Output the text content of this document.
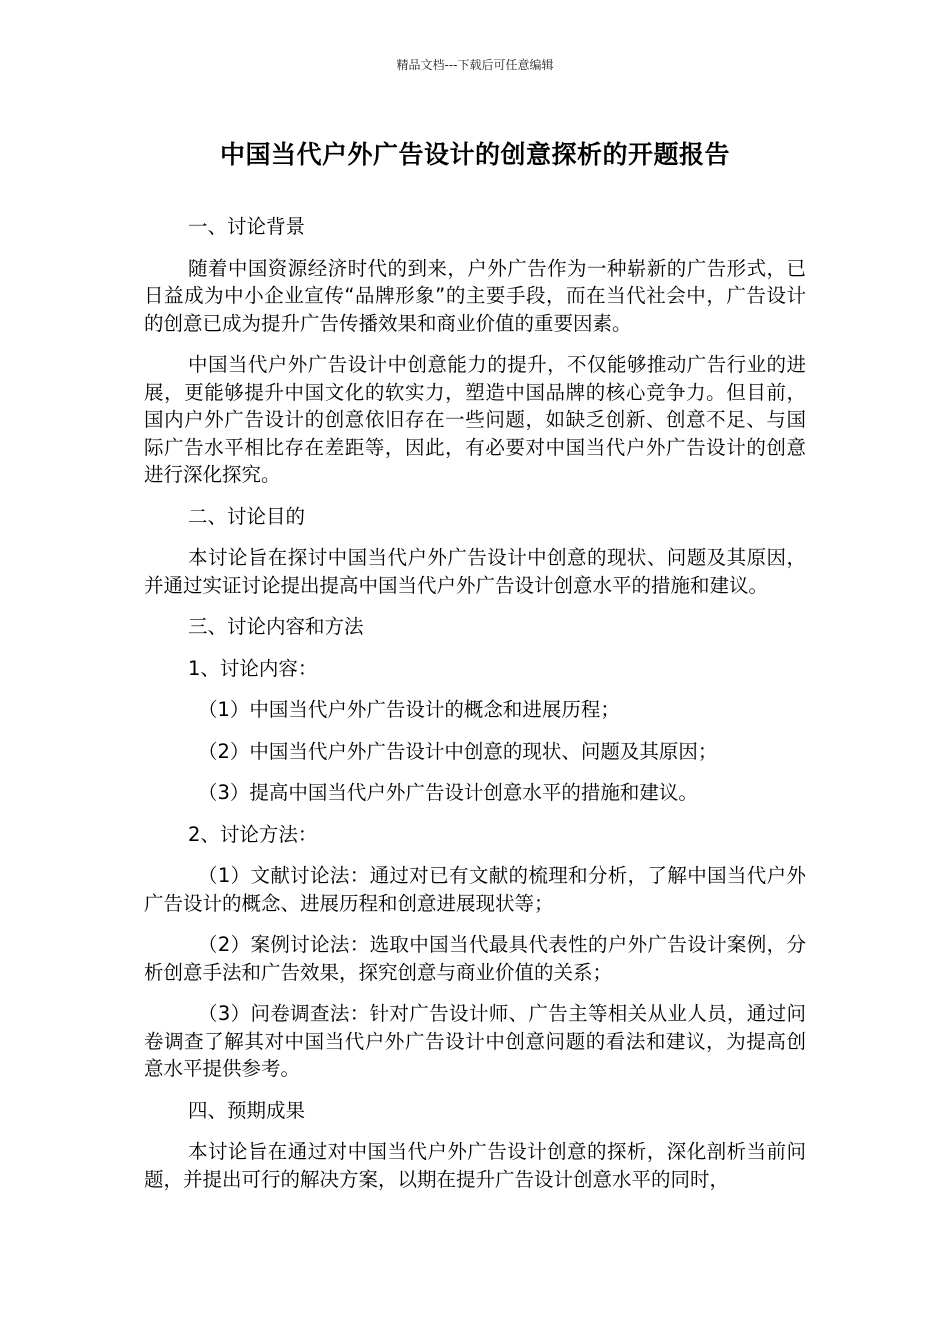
精品文档---下载后可任意编辑
中国当代户外广告设计的创意探析的开题报告

一、讨论背景

随着中国资源经济时代的到来，户外广告作为一种崭新的广告形式，已日益成为中小企业宣传“品牌形象”的主要手段，而在当代社会中，广告设计的创意已成为提升广告传播效果和商业价值的重要因素。

中国当代户外广告设计中创意能力的提升，不仅能够推动广告行业的进展，更能够提升中国文化的软实力，塑造中国品牌的核心竞争力。但目前，国内户外广告设计的创意依旧存在一些问题，如缺乏创新、创意不足、与国际广告水平相比存在差距等，因此，有必要对中国当代户外广告设计的创意进行深化探究。

二、讨论目的

本讨论旨在探讨中国当代户外广告设计中创意的现状、问题及其原因，并通过实证讨论提出提高中国当代户外广告设计创意水平的措施和建议。

三、讨论内容和方法

1、讨论内容：

（1）中国当代户外广告设计的概念和进展历程；

（2）中国当代户外广告设计中创意的现状、问题及其原因；

（3）提高中国当代户外广告设计创意水平的措施和建议。

2、讨论方法：

（1）文献讨论法：通过对已有文献的梳理和分析，了解中国当代户外广告设计的概念、进展历程和创意进展现状等；

（2）案例讨论法：选取中国当代最具代表性的户外广告设计案例，分析创意手法和广告效果，探究创意与商业价值的关系；

（3）问卷调查法：针对广告设计师、广告主等相关从业人员，通过问卷调查了解其对中国当代户外广告设计中创意问题的看法和建议，为提高创意水平提供参考。

四、预期成果

本讨论旨在通过对中国当代户外广告设计创意的探析，深化剖析当前问题，并提出可行的解决方案，以期在提升广告设计创意水平的同时，
